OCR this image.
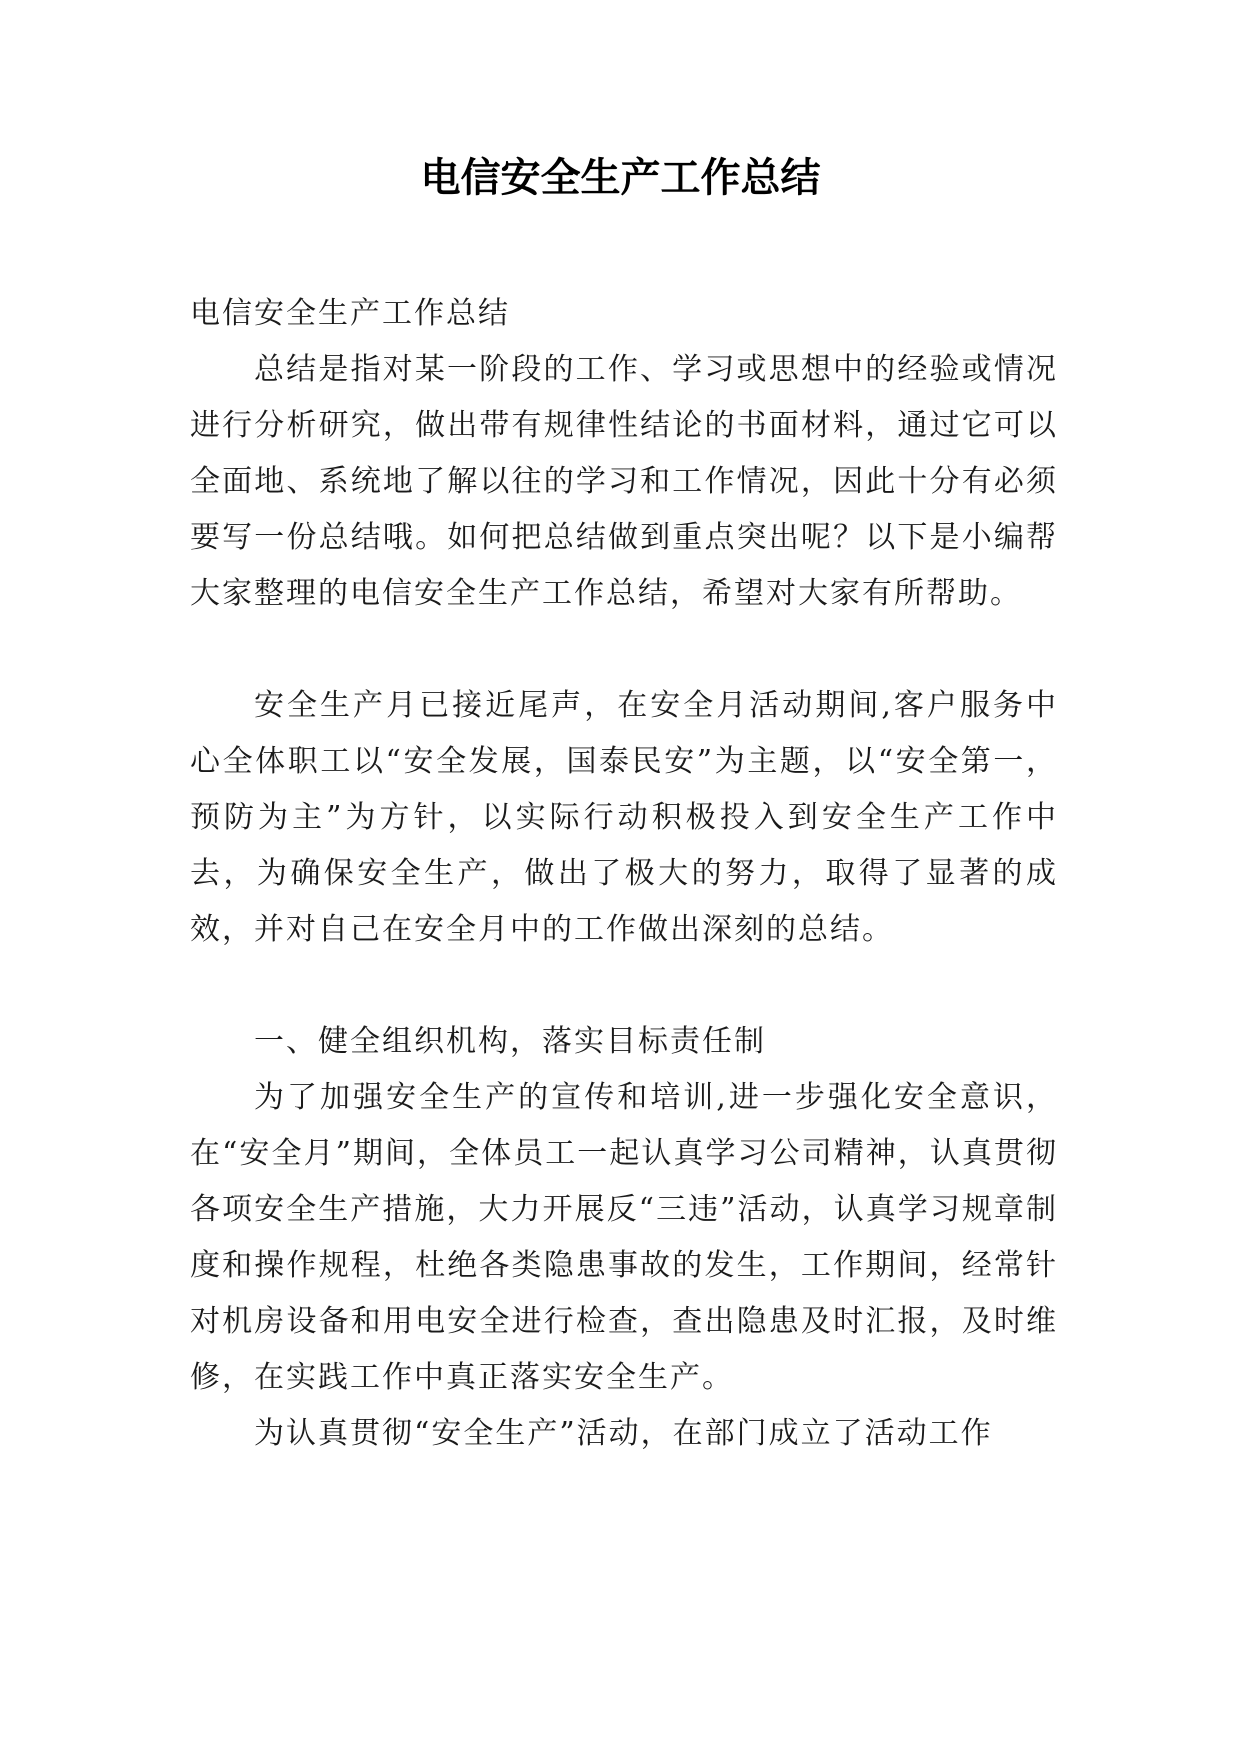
电信安全生产工作总结

电信安全生产工作总结

总结是指对某一阶段的工作、学习或思想中的经验或情况进行分析研究，做出带有规律性结论的书面材料，通过它可以全面地、系统地了解以往的学习和工作情况，因此十分有必须要写一份总结哦。如何把总结做到重点突出呢？以下是小编帮大家整理的电信安全生产工作总结，希望对大家有所帮助。

安全生产月已接近尾声，在安全月活动期间,客户服务中心全体职工以“安全发展，国泰民安”为主题，以“安全第一，预防为主”为方针，以实际行动积极投入到安全生产工作中去，为确保安全生产，做出了极大的努力，取得了显著的成效，并对自己在安全月中的工作做出深刻的总结。

一、健全组织机构，落实目标责任制

为了加强安全生产的宣传和培训,进一步强化安全意识，在“安全月”期间，全体员工一起认真学习公司精神，认真贯彻各项安全生产措施，大力开展反“三违”活动，认真学习规章制度和操作规程，杜绝各类隐患事故的发生，工作期间，经常针对机房设备和用电安全进行检查，查出隐患及时汇报，及时维修，在实践工作中真正落实安全生产。

为认真贯彻“安全生产”活动，在部门成立了活动工作
